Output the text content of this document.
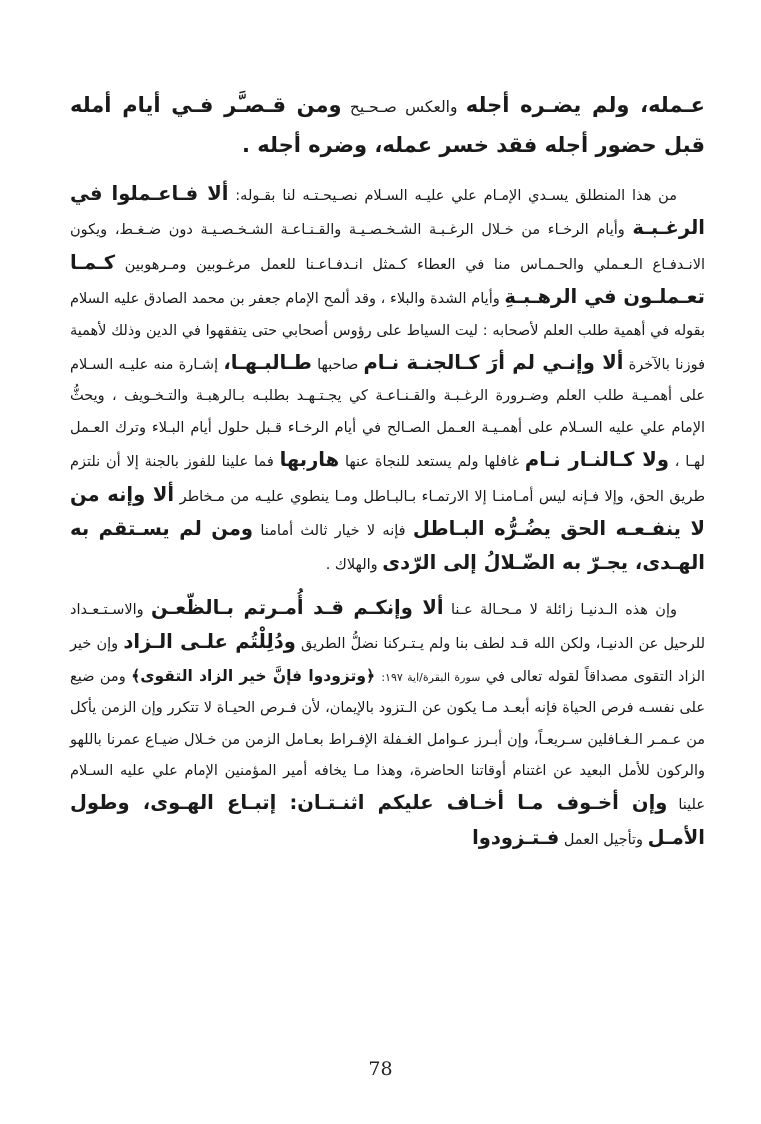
عـمله، ولم يضـره أجله والعكس صـحـيح ومن قـصـَّر فـي أيام أمله قبل حضور أجله فقد خسر عمله، وضره أجله .

من هذا المنطلق يسـدي الإمـام علي عليـه السـلام نصـيحـتـه لنا بقـوله: ألا فـاعـملوا في الرغـبـة وأيام الرخـاء من خـلال الرغـبـة الشـخـصـيـة والقـنـاعـة الشـخـصـيـة دون ضـغـط، ويكون الانـدفـاع الـعـملي والحـمـاس منا في العطاء كـمثل انـدفـاعـنا للعمل مرغـوبين ومـرهوبين كـمـا تعـملـون في الرهـبـةِ وأيام الشدة والبلاء ، وقد ألمح الإمام جعفر بن محمد الصادق عليه السلام بقوله في أهمية طلب العلم لأصحابه : ليت السياط على رؤوس أصحابي حتى يتفقهوا في الدين وذلك لأهمية فوزنا بالآخرة ألا وإنـي لم أرَ كـالجنـة نـام صاحبها طـالبـهـا، إشـارة منه عليـه السـلام على أهمـيـة طلب العلم وضـرورة الرغـبـة والقـنـاعـة كي يجـتـهـد بطلبـه بـالرهبـة والتـخـويف ، ويحثُّ الإمام علي عليه السـلام على أهمـيـة العـمل الصـالح في أيام الرخـاء قـبل حلول أيام البـلاء وترك العـمل لهـا ، ولا كـالنـار نـام غافلها ولم يستعد للنجاة عنها هاربها فما علينا للفوز بالجنة إلا أن نلتزم طريق الحق، وإلا فـإنه ليس أمـامنـا إلا الارتمـاء بـالبـاطل ومـا ينطوي عليـه من مـخاطر ألا وإنه من لا ينفـعـه الحق يضُـرُّه البـاطل فإنه لا خيار ثالث أمامنا ومن لم يسـتقم به الهـدى، يجـرّ به الضّـلالُ إلى الرّدى والهلاك .

وإن هذه الـدنيـا زائلة لا مـحـالة عـنا ألا وإنكـم قـد أُمـرتم بـالظّعـن والاسـتـعـداد للرحيل عن الدنيـا، ولكن الله قـد لطف بنا ولم يـتـركنا نضلُّ الطريق ودُلِلْتُم علـى الـزاد وإن خير الزاد التقوى مصداقاً لقوله تعالى في سورة البقرة/اية ١٩٧: ﴿وتزودوا فإنَّ خير الزاد التقوى﴾ ومن ضيع على نفسـه فرص الحياة فإنه أبعـد مـا يكون عن الـتزود بالإيمان، لأن فـرص الحيـاة لا تتكرر وإن الزمن يأكل من عـمـر الـغـافلين سـريعـاً، وإن أبـرز عـوامل الغـفلة الإفـراط بعـامل الزمن من خـلال ضيـاع عمرنا باللهو والركون للأمل البعيد عن اغتنام أوقاتنا الحاضرة، وهذا مـا يخافه أمير المؤمنين الإمام علي عليه السـلام علينا وإن أخـوف مـا أخـاف عليكم اثنـتـان: إتبـاع الهـوى، وطول الأمـل وتأجيل العمل فـتـزودوا

78
